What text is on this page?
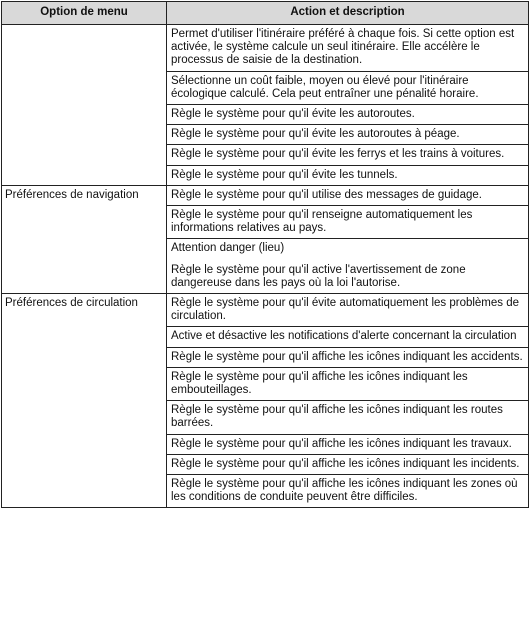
Option de menu	Action et description
	Permet d'utiliser l'itinéraire préféré à chaque fois. Si cette option est activée, le système calcule un seul itinéraire. Elle accélère le processus de saisie de la destination.
	Sélectionne un coût faible, moyen ou élevé pour l'itinéraire écologique calculé. Cela peut entraîner une pénalité horaire.
	Règle le système pour qu'il évite les autoroutes.
	Règle le système pour qu'il évite les autoroutes à péage.
	Règle le système pour qu'il évite les ferrys et les trains à voitures.
	Règle le système pour qu'il évite les tunnels.
Préférences de navigation	Règle le système pour qu'il utilise des messages de guidage.
	Règle le système pour qu'il renseigne automatiquement les informations relatives au pays.

	Attention danger (lieu)
Règle le système pour qu'il active l'avertissement de zone dangereuse dans les pays où la loi l'autorise.

Préférences de circulation	Règle le système pour qu'il évite automatiquement les problèmes de circulation.
	Active et désactive les notifications d'alerte concernant la circulation
	Règle le système pour qu'il affiche les icônes indiquant les accidents.
	Règle le système pour qu'il affiche les icônes indiquant les embouteillages.
	Règle le système pour qu'il affiche les icônes indiquant les routes barrées.
	Règle le système pour qu'il affiche les icônes indiquant les travaux.
	Règle le système pour qu'il affiche les icônes indiquant les incidents.
	Règle le système pour qu'il affiche les icônes indiquant les zones où les conditions de conduite peuvent être difficiles.
